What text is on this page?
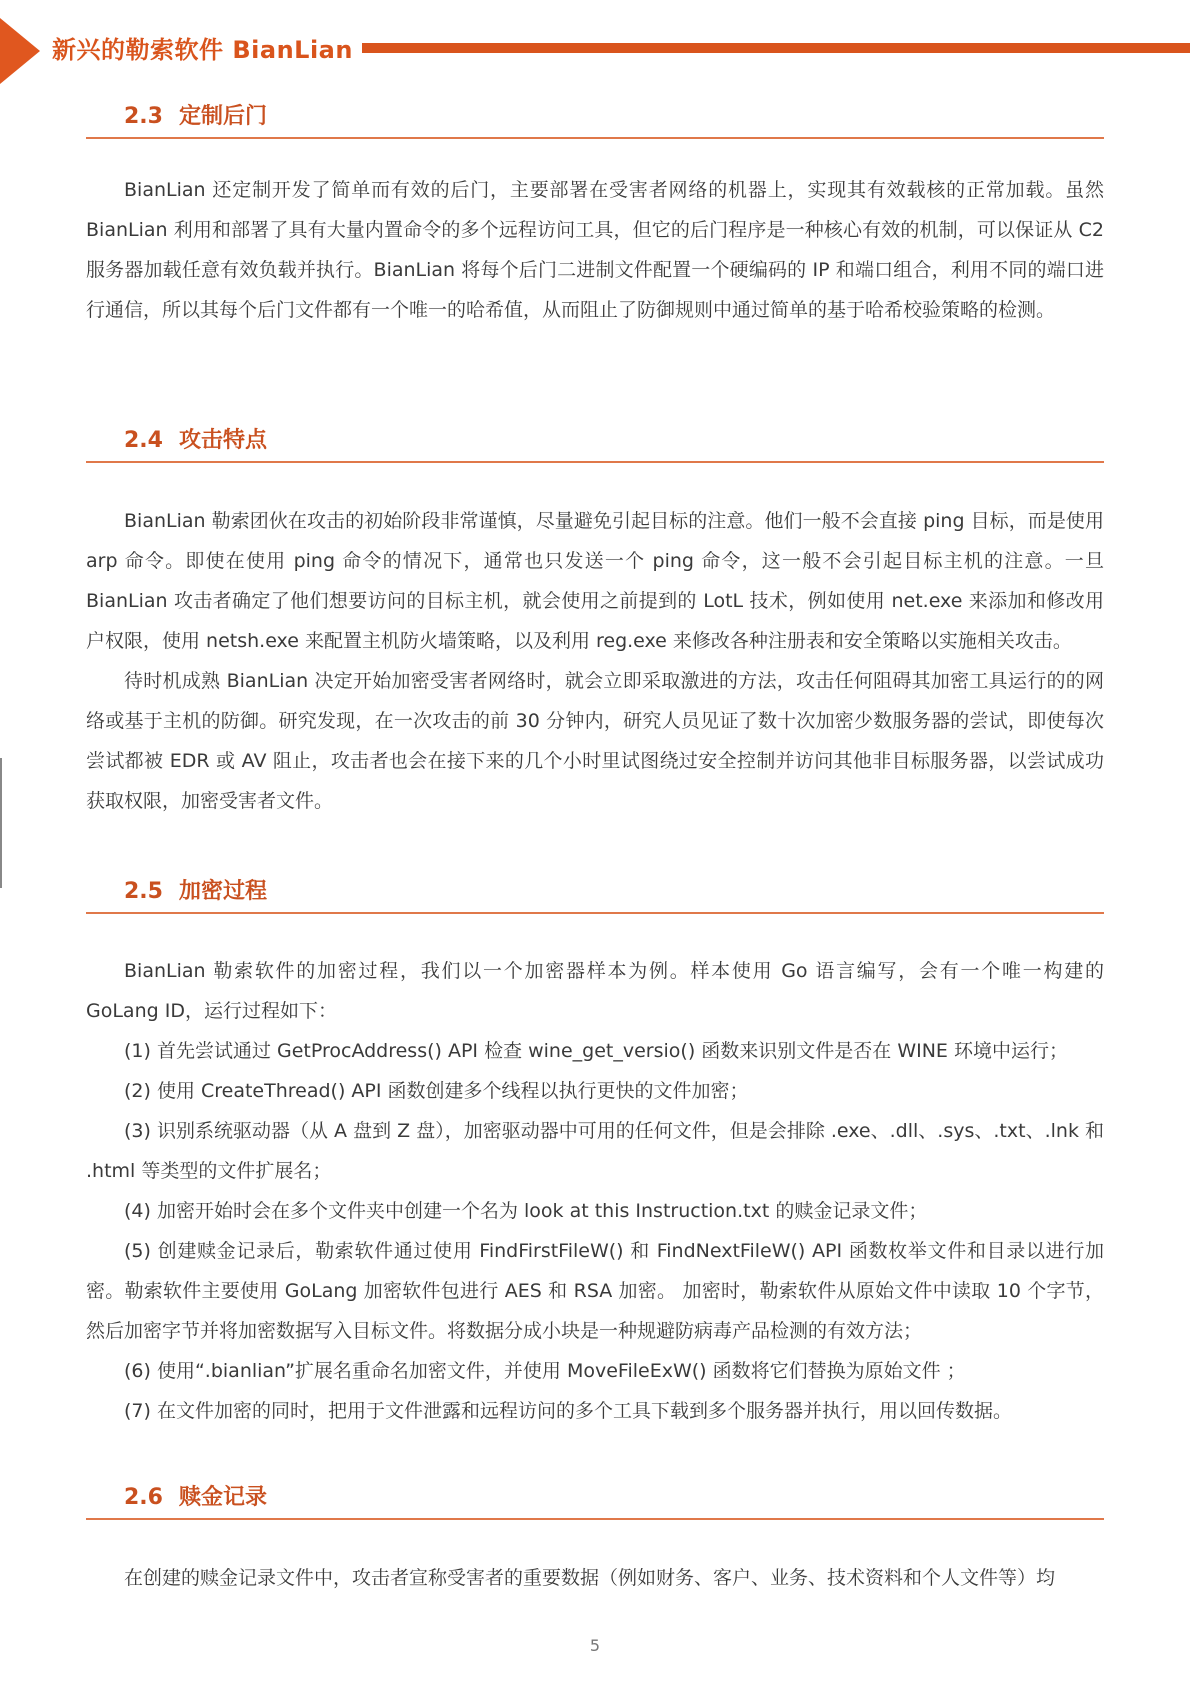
新兴的勒索软件 BianLian
2.3 定制后门

BianLian 还定制开发了简单而有效的后门，主要部署在受害者网络的机器上，实现其有效载核的正常加载。虽然 BianLian 利用和部署了具有大量内置命令的多个远程访问工具，但它的后门程序是一种核心有效的机制，可以保证从 C2 服务器加载任意有效负载并执行。BianLian 将每个后门二进制文件配置一个硬编码的 IP 和端口组合，利用不同的端口进行通信，所以其每个后门文件都有一个唯一的哈希值，从而阻止了防御规则中通过简单的基于哈希校验策略的检测。

2.4 攻击特点

BianLian 勒索团伙在攻击的初始阶段非常谨慎，尽量避免引起目标的注意。他们一般不会直接 ping 目标，而是使用 arp 命令。即使在使用 ping 命令的情况下，通常也只发送一个 ping 命令，这一般不会引起目标主机的注意。一旦 BianLian 攻击者确定了他们想要访问的目标主机，就会使用之前提到的 LotL 技术，例如使用 net.exe 来添加和修改用户权限，使用 netsh.exe 来配置主机防火墙策略，以及利用 reg.exe 来修改各种注册表和安全策略以实施相关攻击。

待时机成熟 BianLian 决定开始加密受害者网络时，就会立即采取激进的方法，攻击任何阻碍其加密工具运行的的网络或基于主机的防御。研究发现，在一次攻击的前 30 分钟内，研究人员见证了数十次加密少数服务器的尝试，即使每次尝试都被 EDR 或 AV 阻止，攻击者也会在接下来的几个小时里试图绕过安全控制并访问其他非目标服务器，以尝试成功获取权限，加密受害者文件。

2.5 加密过程

BianLian 勒索软件的加密过程，我们以一个加密器样本为例。样本使用 Go 语言编写，会有一个唯一构建的 GoLang ID，运行过程如下：

(1) 首先尝试通过 GetProcAddress() API 检查 wine_get_versio() 函数来识别文件是否在 WINE 环境中运行；

(2) 使用 CreateThread() API 函数创建多个线程以执行更快的文件加密；

(3) 识别系统驱动器（从 A 盘到 Z 盘），加密驱动器中可用的任何文件，但是会排除 .exe、.dll、.sys、.txt、.lnk 和 .html 等类型的文件扩展名；

(4) 加密开始时会在多个文件夹中创建一个名为 look at this Instruction.txt 的赎金记录文件；

(5) 创建赎金记录后，勒索软件通过使用 FindFirstFileW() 和 FindNextFileW() API 函数枚举文件和目录以进行加密。勒索软件主要使用 GoLang 加密软件包进行 AES 和 RSA 加密。 加密时，勒索软件从原始文件中读取 10 个字节，然后加密字节并将加密数据写入目标文件。将数据分成小块是一种规避防病毒产品检测的有效方法；

(6) 使用“.bianlian”扩展名重命名加密文件，并使用 MoveFileExW() 函数将它们替换为原始文件 ；

(7) 在文件加密的同时，把用于文件泄露和远程访问的多个工具下载到多个服务器并执行，用以回传数据。

2.6 赎金记录

在创建的赎金记录文件中，攻击者宣称受害者的重要数据（例如财务、客户、业务、技术资料和个人文件等）均

5
